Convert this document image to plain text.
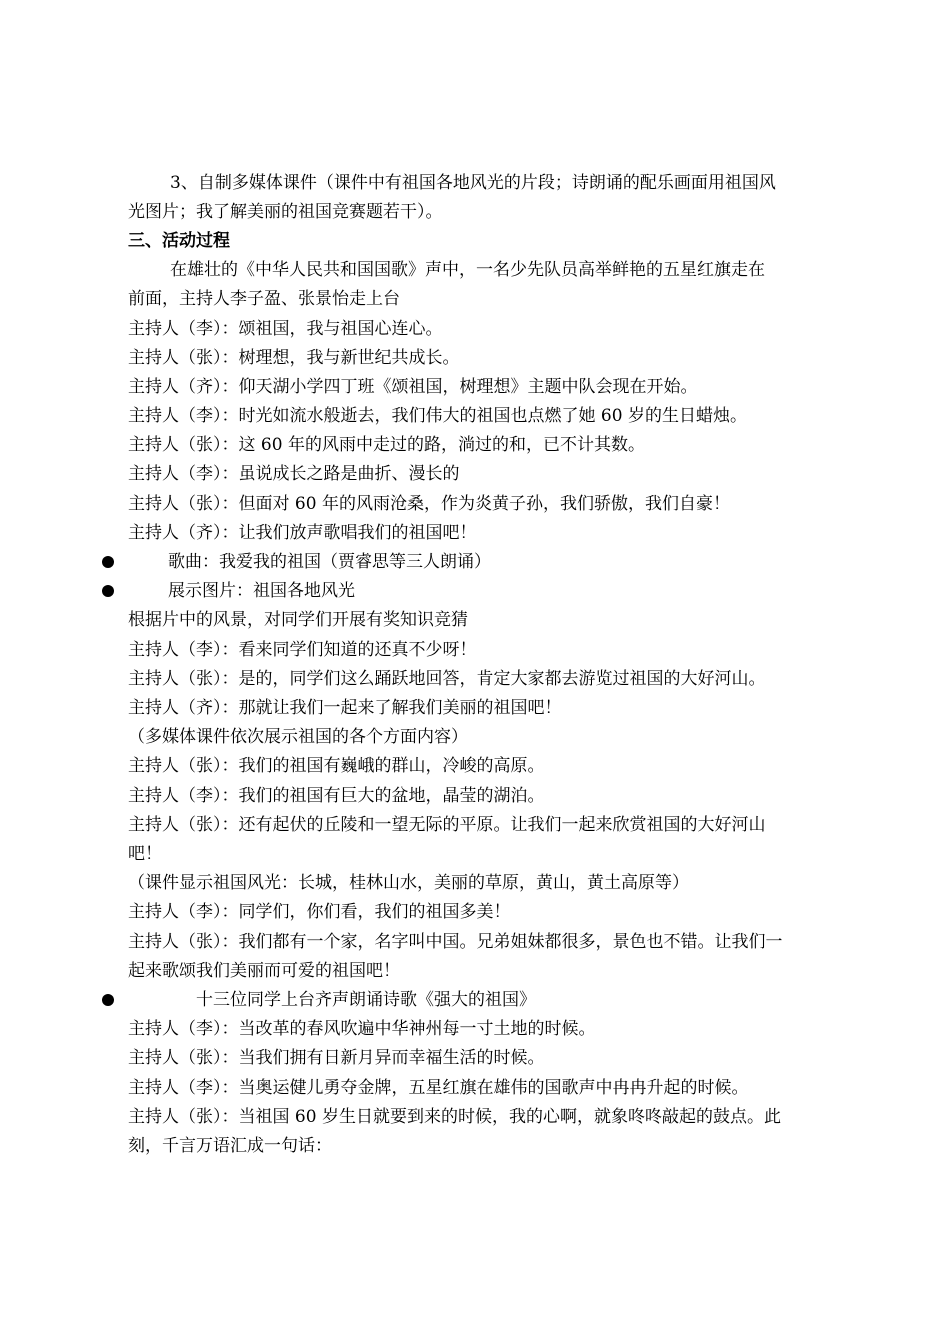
3、自制多媒体课件（课件中有祖国各地风光的片段；诗朗诵的配乐画面用祖国风
光图片；我了解美丽的祖国竞赛题若干）。
三、活动过程
在雄壮的《中华人民共和国国歌》声中，一名少先队员高举鲜艳的五星红旗走在
前面，主持人李子盈、张景怡走上台
主持人（李）：颂祖国，我与祖国心连心。
主持人（张）：树理想，我与新世纪共成长。
主持人（齐）：仰天湖小学四丁班《颂祖国，树理想》主题中队会现在开始。
主持人（李）：时光如流水般逝去，我们伟大的祖国也点燃了她 60 岁的生日蜡烛。
主持人（张）：这 60 年的风雨中走过的路，淌过的和，已不计其数。
主持人（李）：虽说成长之路是曲折、漫长的
主持人（张）：但面对 60 年的风雨沧桑，作为炎黄子孙，我们骄傲，我们自豪！
主持人（齐）：让我们放声歌唱我们的祖国吧！
歌曲：我爱我的祖国（贾睿思等三人朗诵）
展示图片：祖国各地风光
根据片中的风景，对同学们开展有奖知识竞猜
主持人（李）：看来同学们知道的还真不少呀！
主持人（张）：是的，同学们这么踊跃地回答，肯定大家都去游览过祖国的大好河山。
主持人（齐）：那就让我们一起来了解我们美丽的祖国吧！
（多媒体课件依次展示祖国的各个方面内容）
主持人（张）：我们的祖国有巍峨的群山，冷峻的高原。
主持人（李）：我们的祖国有巨大的盆地，晶莹的湖泊。
主持人（张）：还有起伏的丘陵和一望无际的平原。让我们一起来欣赏祖国的大好河山
吧！
（课件显示祖国风光：长城，桂林山水，美丽的草原，黄山，黄土高原等）
主持人（李）：同学们，你们看，我们的祖国多美！
主持人（张）：我们都有一个家，名字叫中国。兄弟姐妹都很多，景色也不错。让我们一
起来歌颂我们美丽而可爱的祖国吧！
十三位同学上台齐声朗诵诗歌《强大的祖国》
主持人（李）：当改革的春风吹遍中华神州每一寸土地的时候。
主持人（张）：当我们拥有日新月异而幸福生活的时候。
主持人（李）：当奥运健儿勇夺金牌，五星红旗在雄伟的国歌声中冉冉升起的时候。
主持人（张）：当祖国 60 岁生日就要到来的时候，我的心啊，就象咚咚敲起的鼓点。此
刻，千言万语汇成一句话：
